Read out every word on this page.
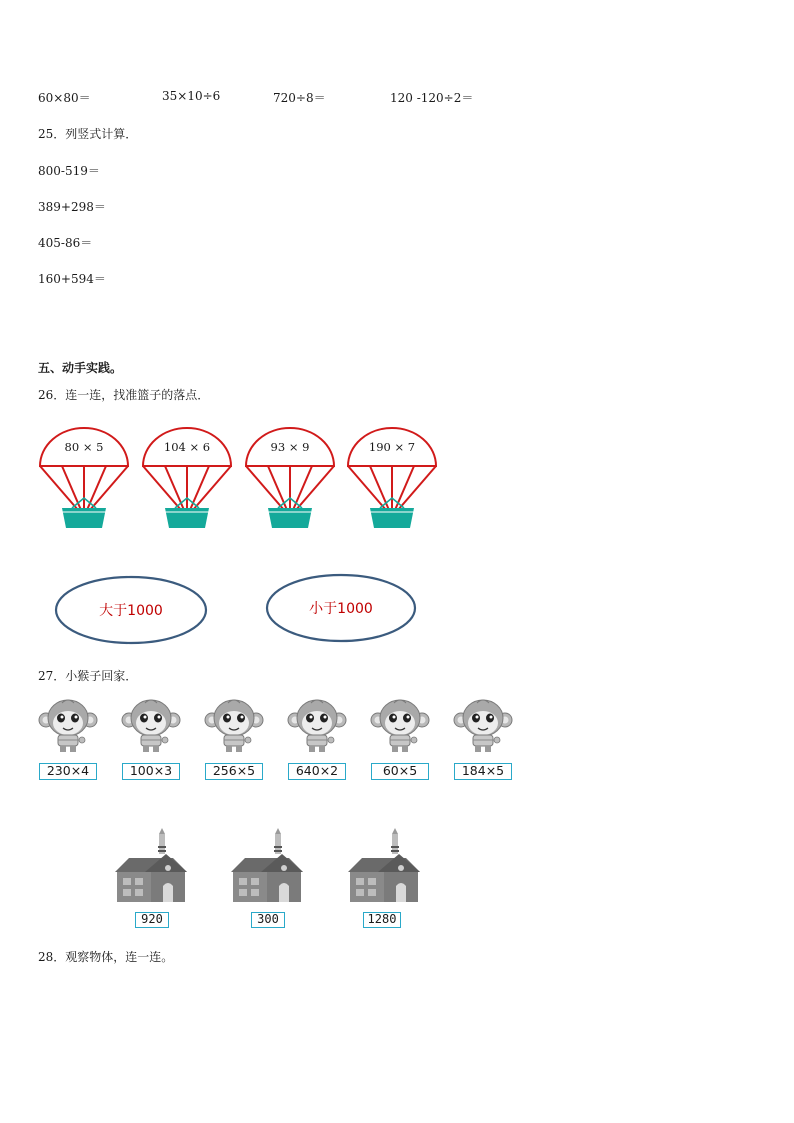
60×80＝	35×10÷6	720÷8＝	120 -120÷2＝
25．列竖式计算．
800-519＝
389+298＝
405-86＝
160+594＝
五、动手实践。
26．连一连，找准篮子的落点．
80 × 5	104 × 6	93 × 9	190 × 7
大于1000	小于1000
27．小猴子回家．
230×4	100×3	256×5	640×2	60×5	184×5
920	300	1280
28．观察物体，连一连。
